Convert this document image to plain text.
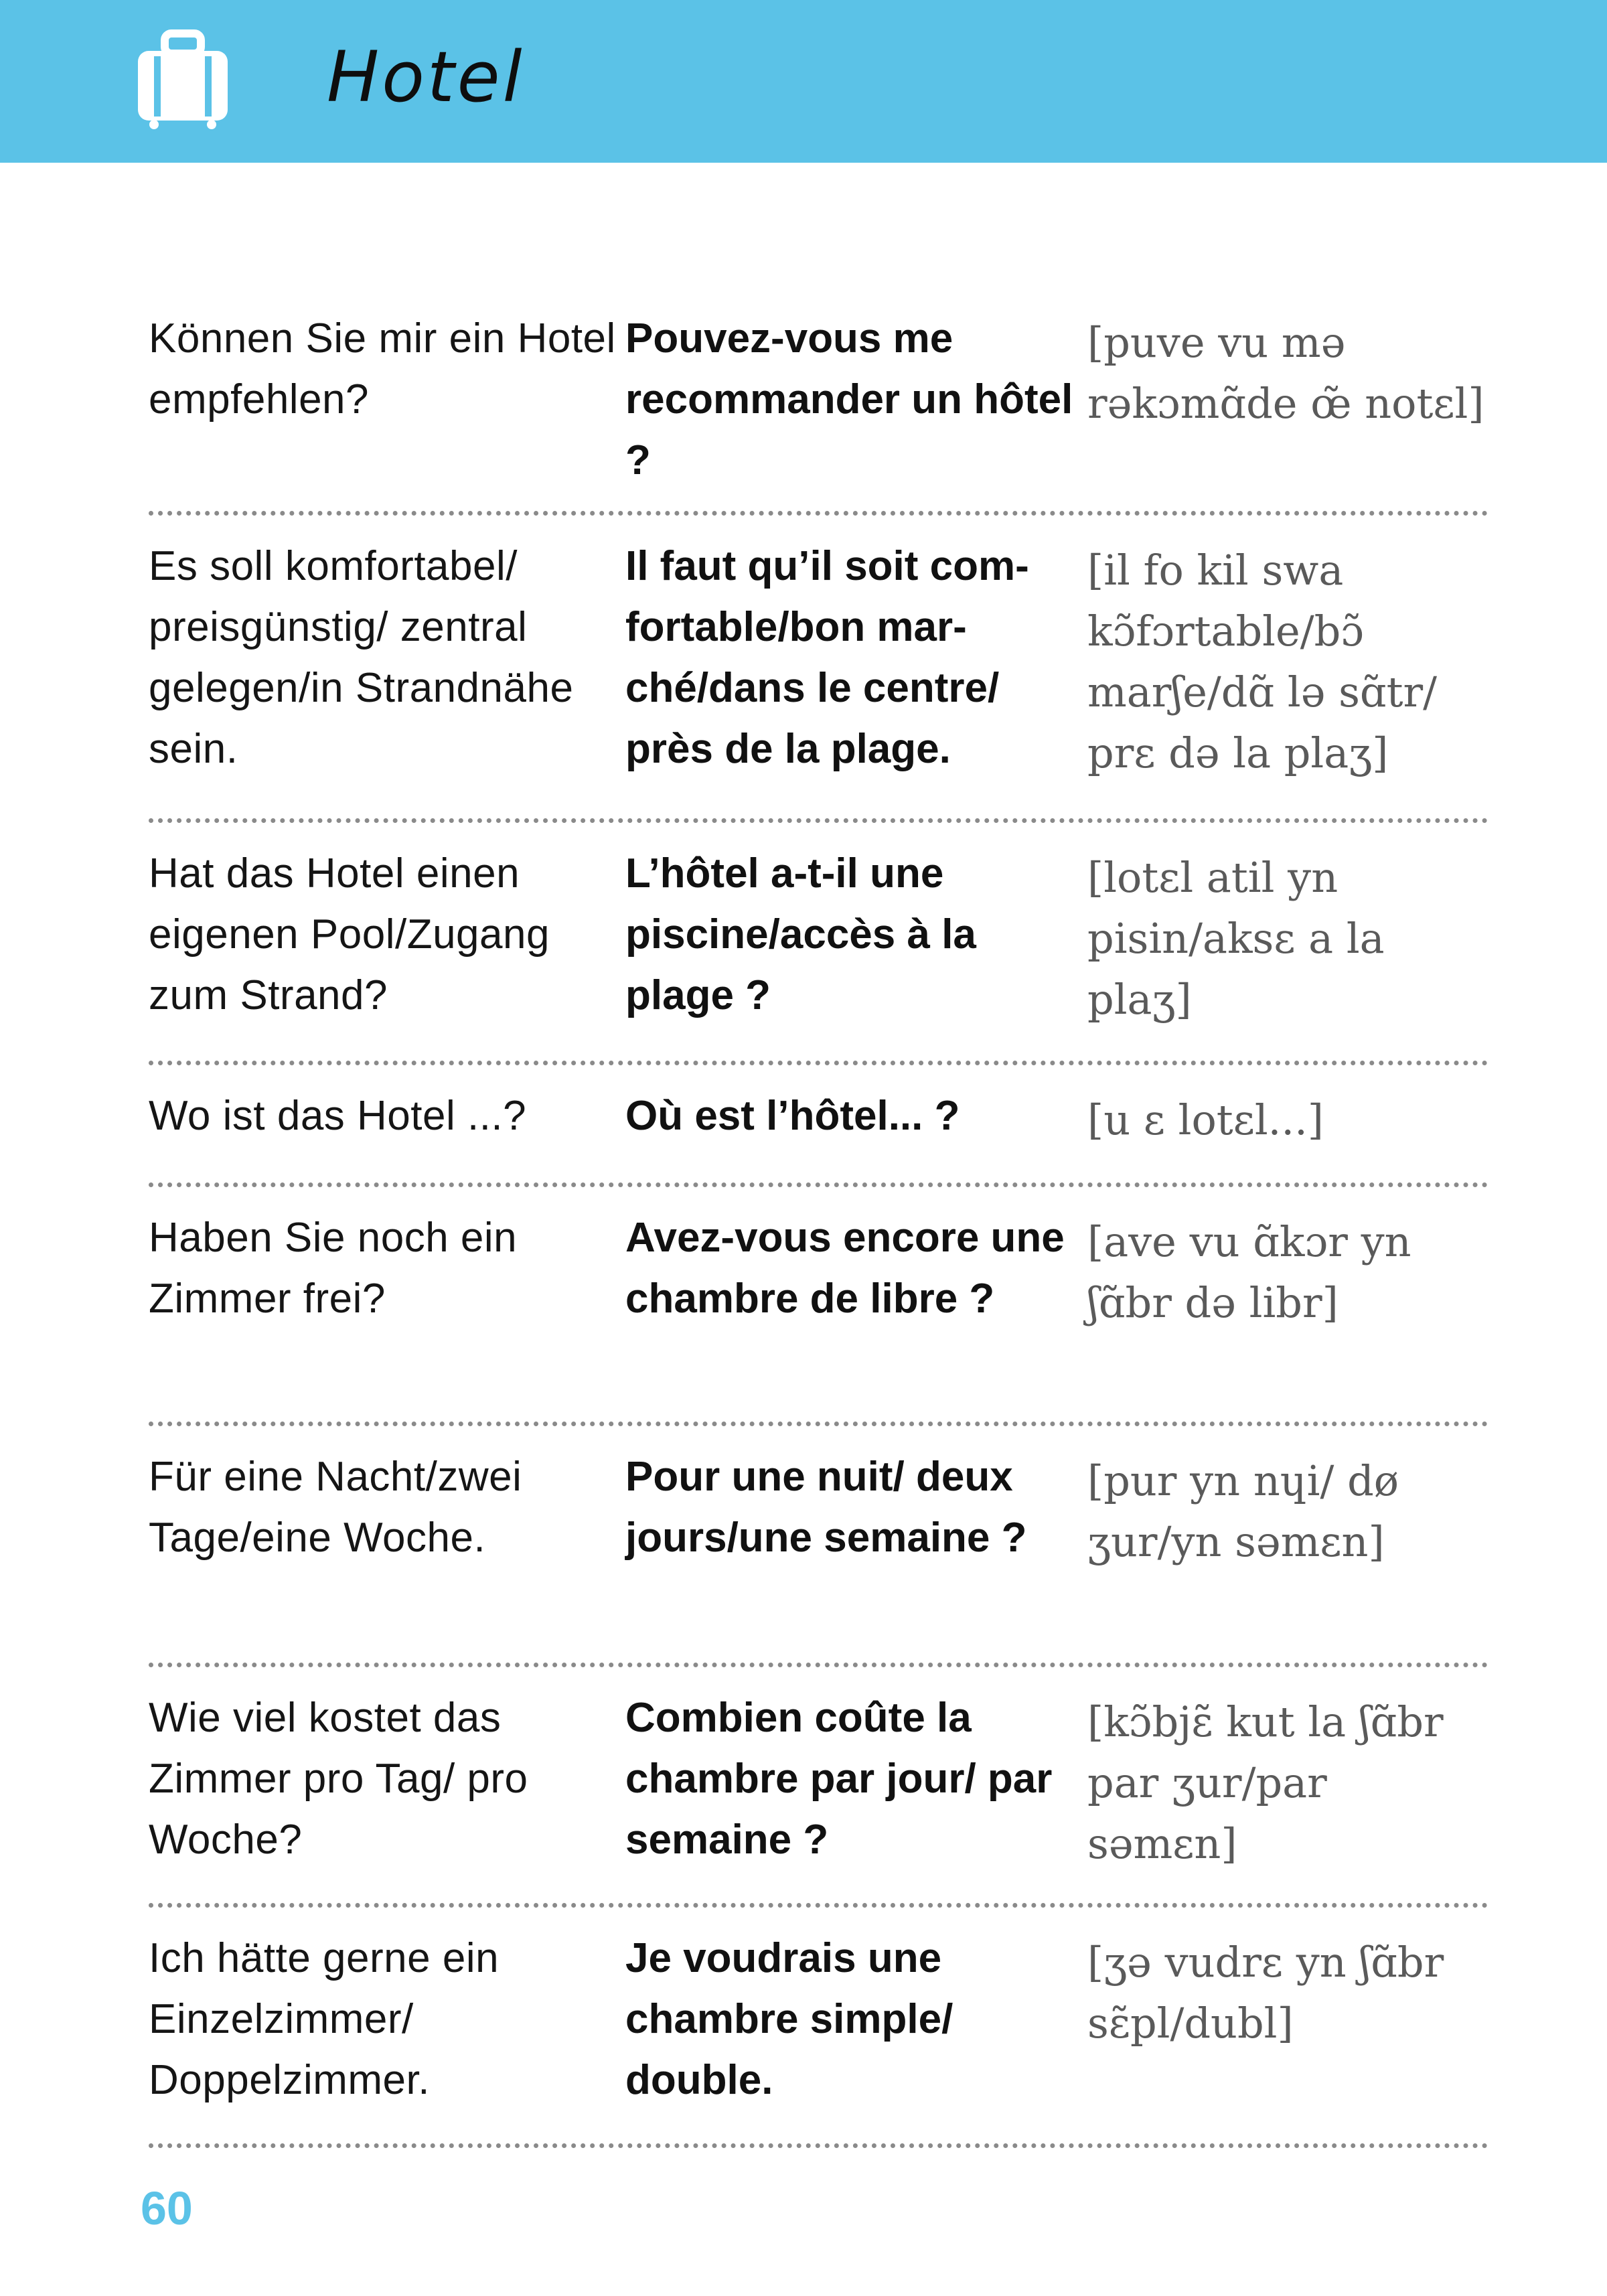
Hotel
Können Sie mir ein Hotel empfehlen?
Pouvez-vous me recommander un hôtel ?
[puve vu mə rəkɔmɑ̃de œ̃ notɛl]
Es soll komfortabel/ preisgünstig/ zentral gelegen/in Strandnähe sein.
Il faut qu’il soit com-fortable/bon mar-ché/dans le centre/ près de la plage.
[il fo kil swa kɔ̃fɔrtable/bɔ̃ marʃe/dɑ̃ lə sɑ̃tr/ prɛ də la plaʒ]
Hat das Hotel einen eigenen Pool/Zugang zum Strand?
L’hôtel a-t-il une piscine/accès à la plage ?
[lotɛl atil yn pisin/aksɛ a la plaʒ]
Wo ist das Hotel ...?	Où est l’hôtel... ?	[u ɛ lotɛl...]
Haben Sie noch ein Zimmer frei?
Avez-vous encore une chambre de libre ?
[ave vu ɑ̃kɔr yn ʃɑ̃br də libr]
Für eine Nacht/zwei Tage/eine Woche.
Pour une nuit/ deux jours/une semaine ?
[pur yn nɥi/ dø ʒur/yn səmɛn]
Wie viel kostet das Zimmer pro Tag/ pro Woche?
Combien coûte la chambre par jour/ par semaine ?
[kɔ̃bjɛ̃ kut la ʃɑ̃br par ʒur/par səmɛn]
Ich hätte gerne ein Einzelzimmer/ Doppelzimmer.
Je voudrais une chambre simple/ double.
[ʒə vudrɛ yn ʃɑ̃br sɛ̃pl/dubl]
60
